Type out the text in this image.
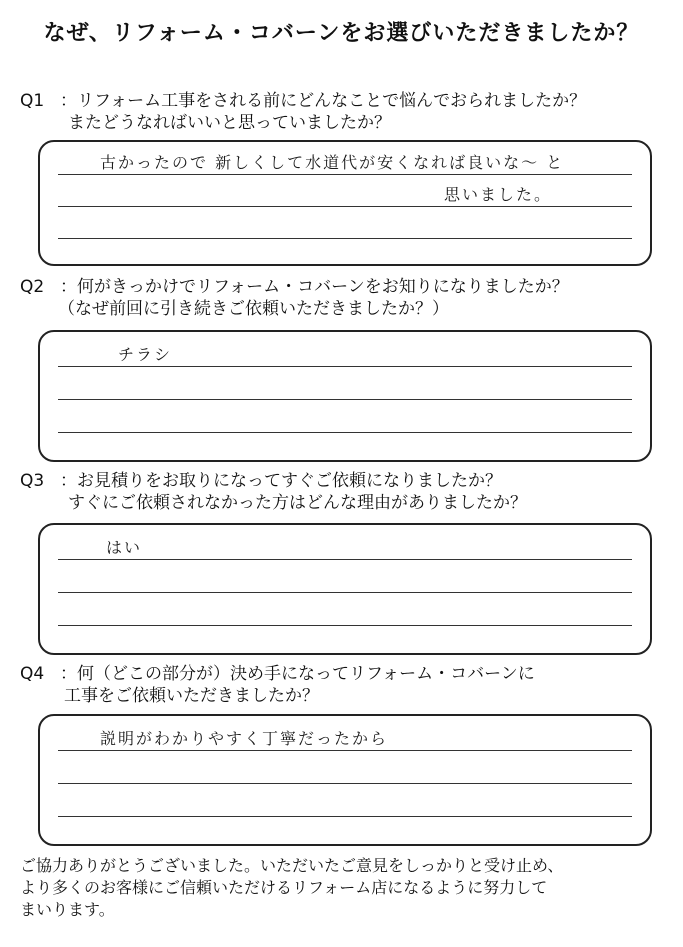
なぜ、リフォーム・コバーンをお選びいただきましたか？
Q1 ：リフォーム工事をされる前にどんなことで悩んでおられましたか？
またどうなればいいと思っていましたか？
古かったので 新しくして水道代が安くなれば良いな～ と
思いました。
Q2 ：何がきっかけでリフォーム・コバーンをお知りになりましたか？
（なぜ前回に引き続きご依頼いただきましたか？）
チラシ
Q3 ：お見積りをお取りになってすぐご依頼になりましたか？
すぐにご依頼されなかった方はどんな理由がありましたか？
はい
Q4 ：何（どこの部分が）決め手になってリフォーム・コバーンに
工事をご依頼いただきましたか？
説明がわかりやすく丁寧だったから
ご協力ありがとうございました。いただいたご意見をしっかりと受け止め、
より多くのお客様にご信頼いただけるリフォーム店になるように努力して
まいります。
